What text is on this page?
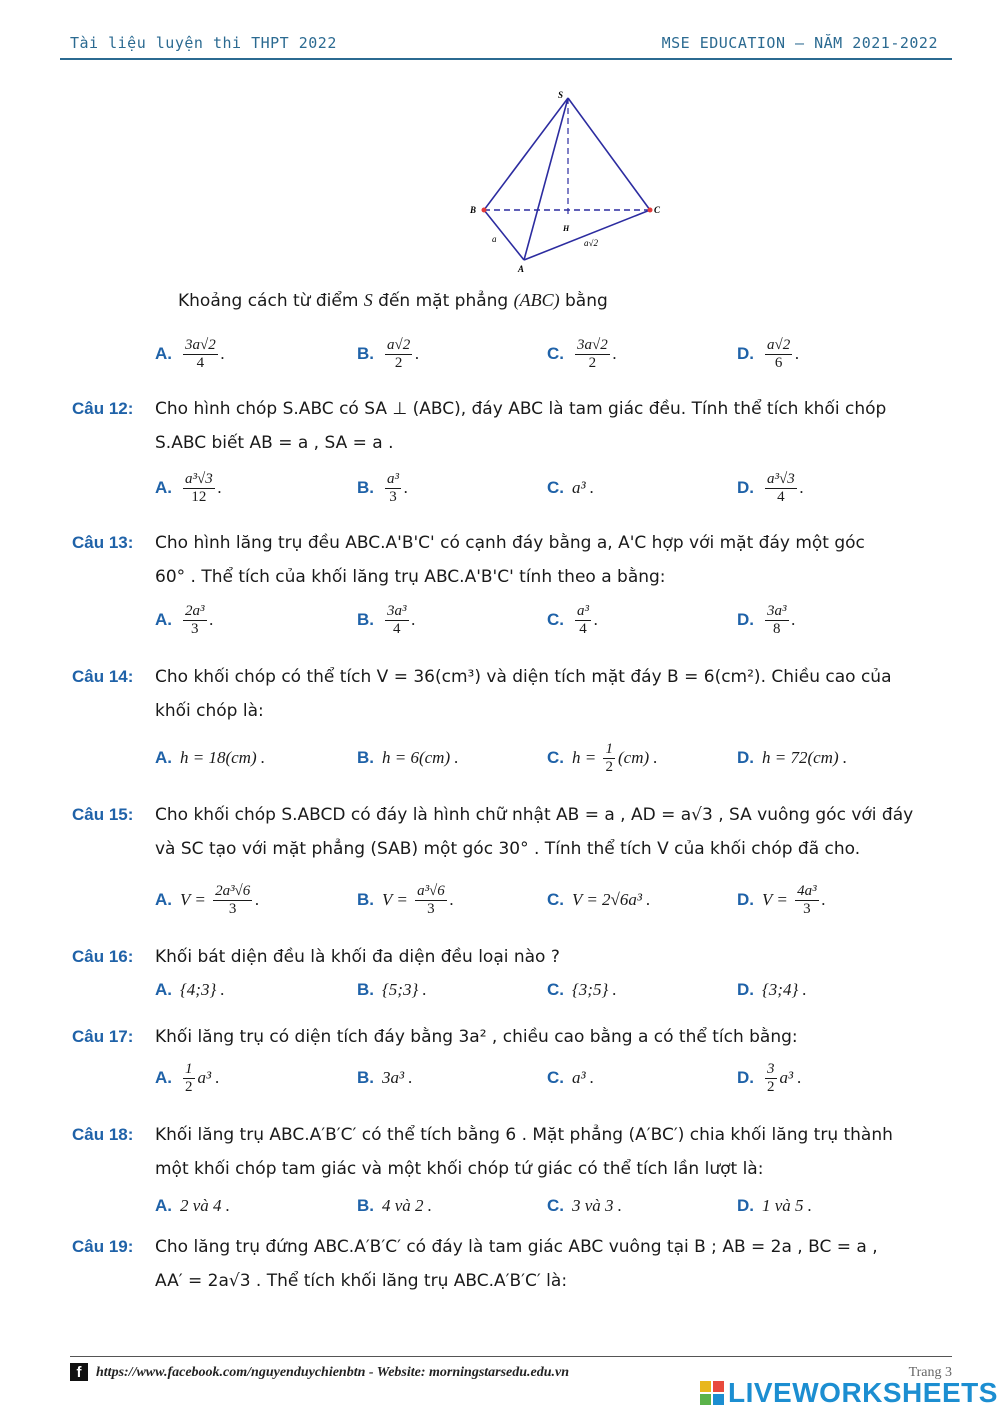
Tài liệu luyện thi THPT 2022	MSE EDUCATION – NĂM 2021-2022
S
B	C
H
A
a	a√2
Khoảng cách từ điểm S đến mặt phẳng (ABC) bằng
A. 3a√2
4 .	B. a√2
2 .	C. 3a√2
2 .	D. a√2
6 .
Câu 12: Cho hình chóp S.ABC có SA ⊥ (ABC), đáy ABC là tam giác đều. Tính thể tích khối chóp
S.ABC biết AB = a , SA = a .
A. a³√3
12 .	B. a³
3 .	C. a³ .	D. a³√3
4 .
Câu 13: Cho hình lăng trụ đều ABC.A'B'C' có cạnh đáy bằng a, A'C hợp với mặt đáy một góc
60° . Thể tích của khối lăng trụ ABC.A'B'C' tính theo a bằng:
A. 2a³
3 .	B. 3a³
4 .	C. a³
4 .	D. 3a³
8 .
Câu 14: Cho khối chóp có thể tích V = 36(cm³) và diện tích mặt đáy B = 6(cm²). Chiều cao của
khối chóp là:
A. h = 18(cm) .	B. h = 6(cm) .	C. $h = \frac{1}{2} (cm)$ .	D. h = 72(cm) .
Câu 15: Cho khối chóp S.ABCD có đáy là hình chữ nhật AB = a , AD = a√3 , SA vuông góc với đáy
và SC tạo với mặt phẳng (SAB) một góc 30° . Tính thể tích V của khối chóp đã cho.
A. $V = \frac{\text{2a³√6}}{3}$ .	B. $V = \frac{\text{a³√6}}{3}$ .	C. V = 2√6a³ .	D. $V = \frac{\text{4a³}}{3}$ .
Câu 16: Khối bát diện đều là khối đa diện đều loại nào ?
A. {4;3} .	B. {5;3} .	C. {3;5} .	D. {3;4} .
Câu 17: Khối lăng trụ có diện tích đáy bằng 3a² , chiều cao bằng a có thể tích bằng:
A. 1
2 a³ .	B. 3a³ .	C. a³ .	D. 3
2 a³ .
Câu 18: Khối lăng trụ ABC.A′B′C′ có thể tích bằng 6 . Mặt phẳng (A′BC′) chia khối lăng trụ thành
một khối chóp tam giác và một khối chóp tứ giác có thể tích lần lượt là:
A. 2 và 4 .	B. 4 và 2 .	C. 3 và 3 .	D. 1 và 5 .
Câu 19: Cho lăng trụ đứng ABC.A′B′C′ có đáy là tam giác ABC vuông tại B ; AB = 2a , BC = a ,
AA′ = 2a√3 . Thể tích khối lăng trụ ABC.A′B′C′ là:
f	https://www.facebook.com/nguyenduychienbtn - Website: morningstarsedu.edu.vn	Trang 3
LIVEWORKSHEETS
